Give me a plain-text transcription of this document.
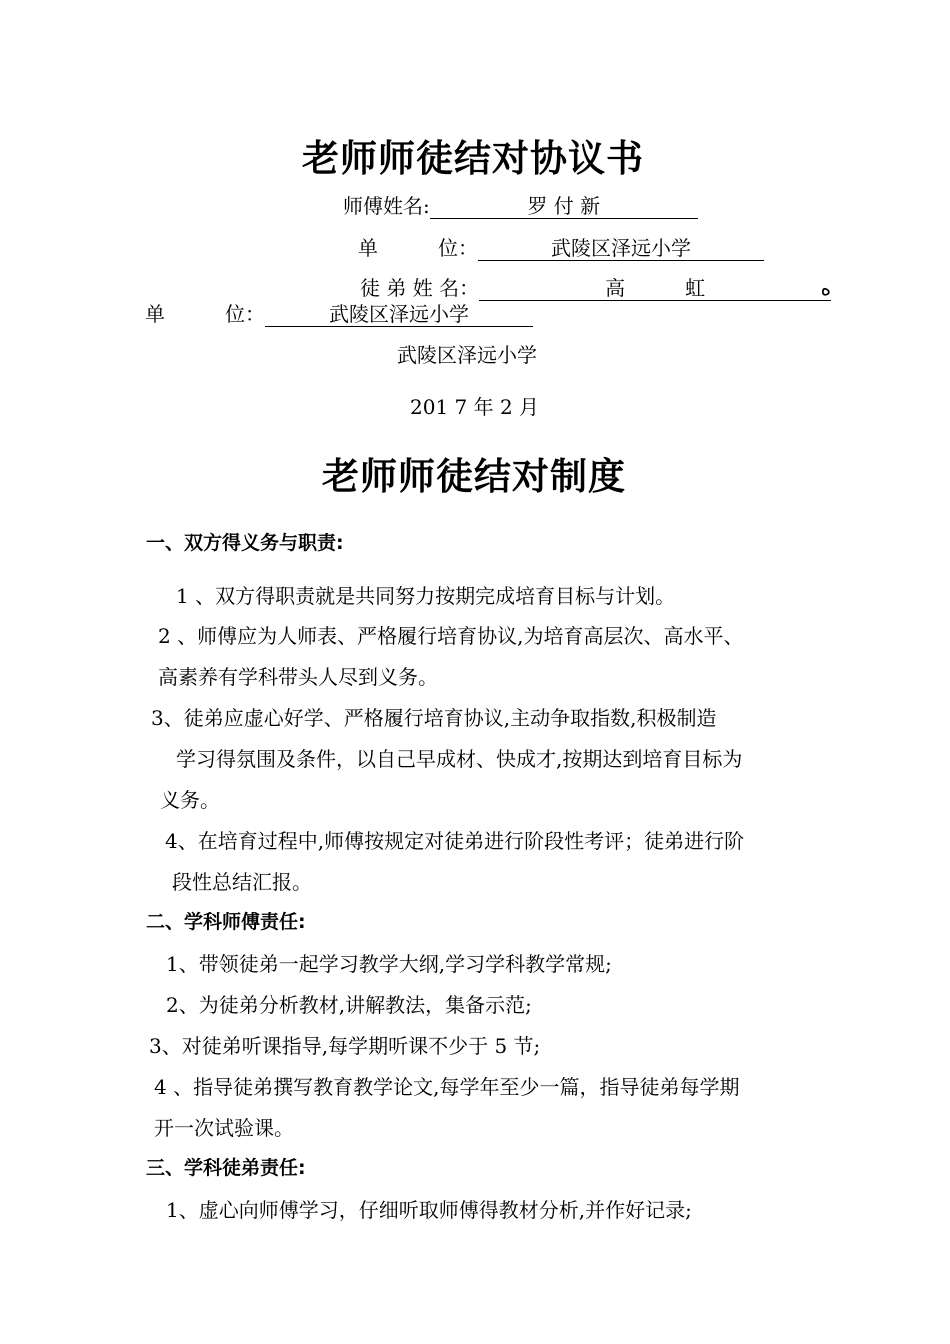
老师师徒结对协议书
师傅姓名:	罗 付 新
单　　　位：	武陵区泽远小学
徒 弟 姓 名：	高　　　虹	ه
单　　　位：	武陵区泽远小学
武陵区泽远小学
201 7 年 2 月
老师师徒结对制度
一、双方得义务与职责:
1 、双方得职责就是共同努力按期完成培育目标与计划。
2 、师傅应为人师表、严格履行培育协议,为培育高层次、高水平、
高素养有学科带头人尽到义务。
3、徒弟应虚心好学、严格履行培育协议,主动争取指数,积极制造
学习得氛围及条件，以自己早成材、快成才,按期达到培育目标为
义务。
4、在培育过程中,师傅按规定对徒弟进行阶段性考评；徒弟进行阶
段性总结汇报。
二、学科师傅责任:
1、带领徒弟一起学习教学大纲,学习学科教学常规;
2、为徒弟分析教材,讲解教法，集备示范;
3、对徒弟听课指导,每学期听课不少于 5 节;
4 、指导徒弟撰写教育教学论文,每学年至少一篇，指导徒弟每学期
开一次试验课。
三、学科徒弟责任:
1、虚心向师傅学习，仔细听取师傅得教材分析,并作好记录;
